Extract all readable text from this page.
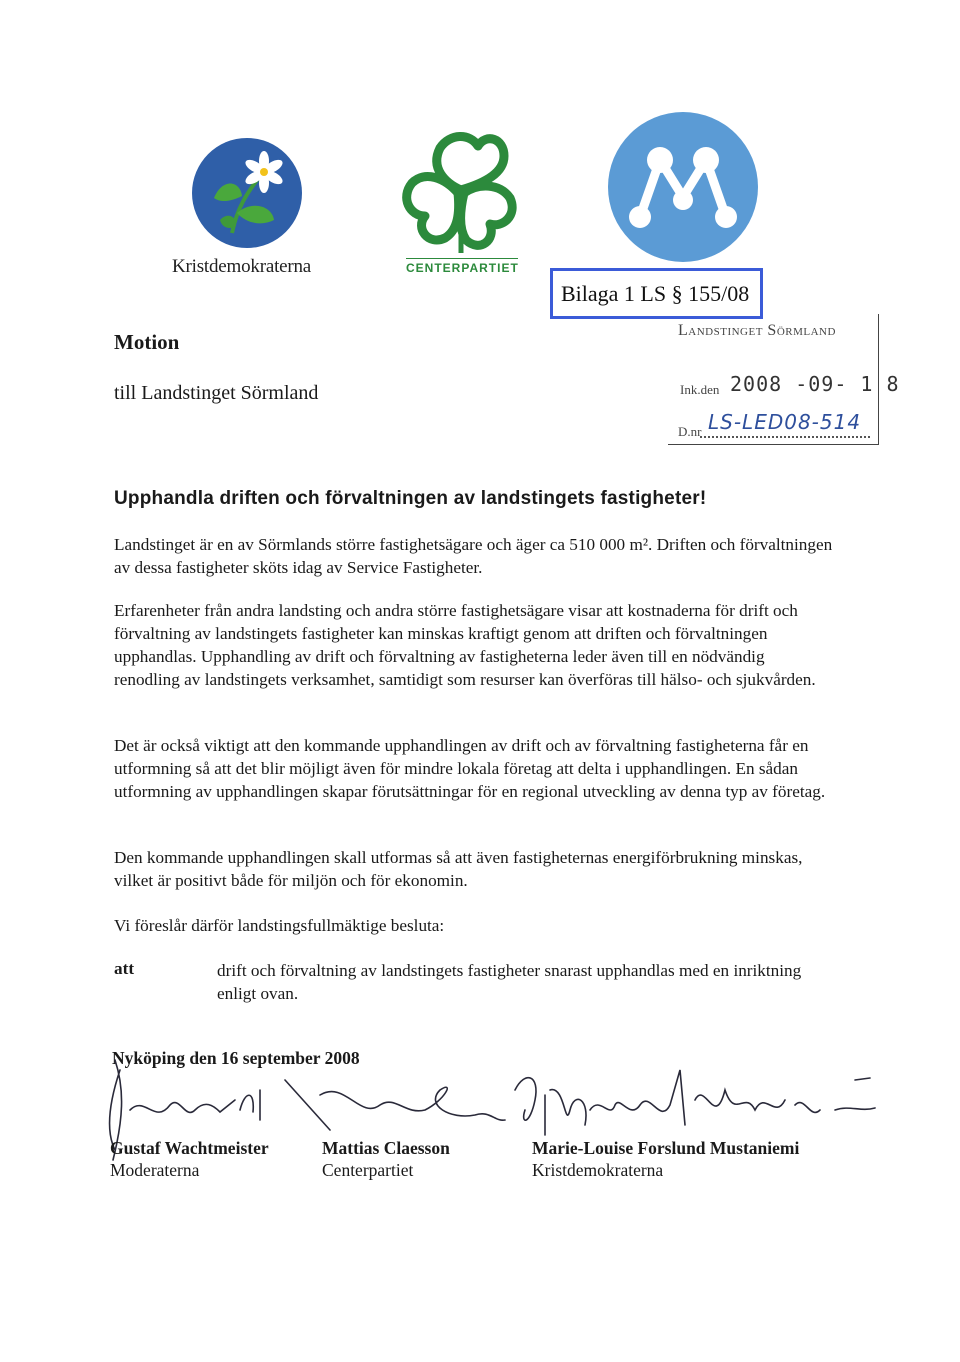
Kristdemokraterna	CENTERPARTIET
Bilaga 1 LS § 155/08
Landstinget Sörmland
Ink.den 2008 -09- 1 8
D.nr LS-LED08-514
Motion
till Landstinget Sörmland
Upphandla driften och förvaltningen av landstingets fastigheter!
Landstinget är en av Sörmlands större fastighetsägare och äger ca 510 000 m². Driften och förvaltningen av dessa fastigheter sköts idag av Service Fastigheter.
Erfarenheter från andra landsting och andra större fastighetsägare visar att kostnaderna för drift och förvaltning av landstingets fastigheter kan minskas kraftigt genom att driften och förvaltningen upphandlas. Upphandling av drift och förvaltning av fastigheterna leder även till en nödvändig renodling av landstingets verksamhet, samtidigt som resurser kan överföras till hälso- och sjukvården.
Det är också viktigt att den kommande upphandlingen av drift och av förvaltning fastigheterna får en utformning så att det blir möjligt även för mindre lokala företag att delta i upphandlingen. En sådan utformning av upphandlingen skapar förutsättningar för en regional utveckling av denna typ av företag.
Den kommande upphandlingen skall utformas så att även fastigheternas energiförbrukning minskas, vilket är positivt både för miljön och för ekonomin.
Vi föreslår därför landstingsfullmäktige besluta:
att	drift och förvaltning av landstingets fastigheter snarast upphandlas med en inriktning enligt ovan.
Nyköping den 16 september 2008
Gustaf Wachtmeister
Moderaterna
Mattias Claesson
Centerpartiet
Marie-Louise Forslund Mustaniemi
Kristdemokraterna
